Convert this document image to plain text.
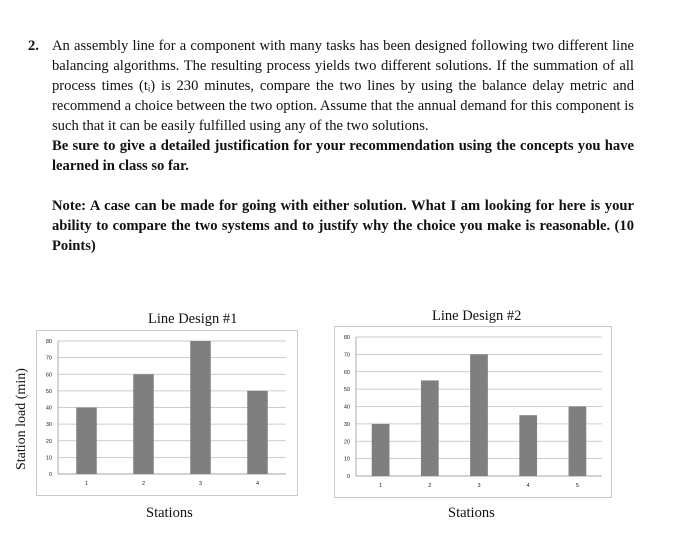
2. An assembly line for a component with many tasks has been designed following two different line balancing algorithms. The resulting process yields two different solutions. If the summation of all process times (tᵢ) is 230 minutes, compare the two lines by using the balance delay metric and recommend a choice between the two option. Assume that the annual demand for this component is such that it can be easily fulfilled using any of the two solutions.

Be sure to give a detailed justification for your recommendation using the concepts you have learned in class so far.

Note: A case can be made for going with either solution. What I am looking for here is your ability to compare the two systems and to justify why the choice you make is reasonable. (10 Points)

Station load (min)
Line Design #1
0
10
20
30
40
50
60
70
80
1	2	3	4
Stations
Line Design #2
0
10
20
30
40
50
60
70
80
1	2	3	4	5
Stations
